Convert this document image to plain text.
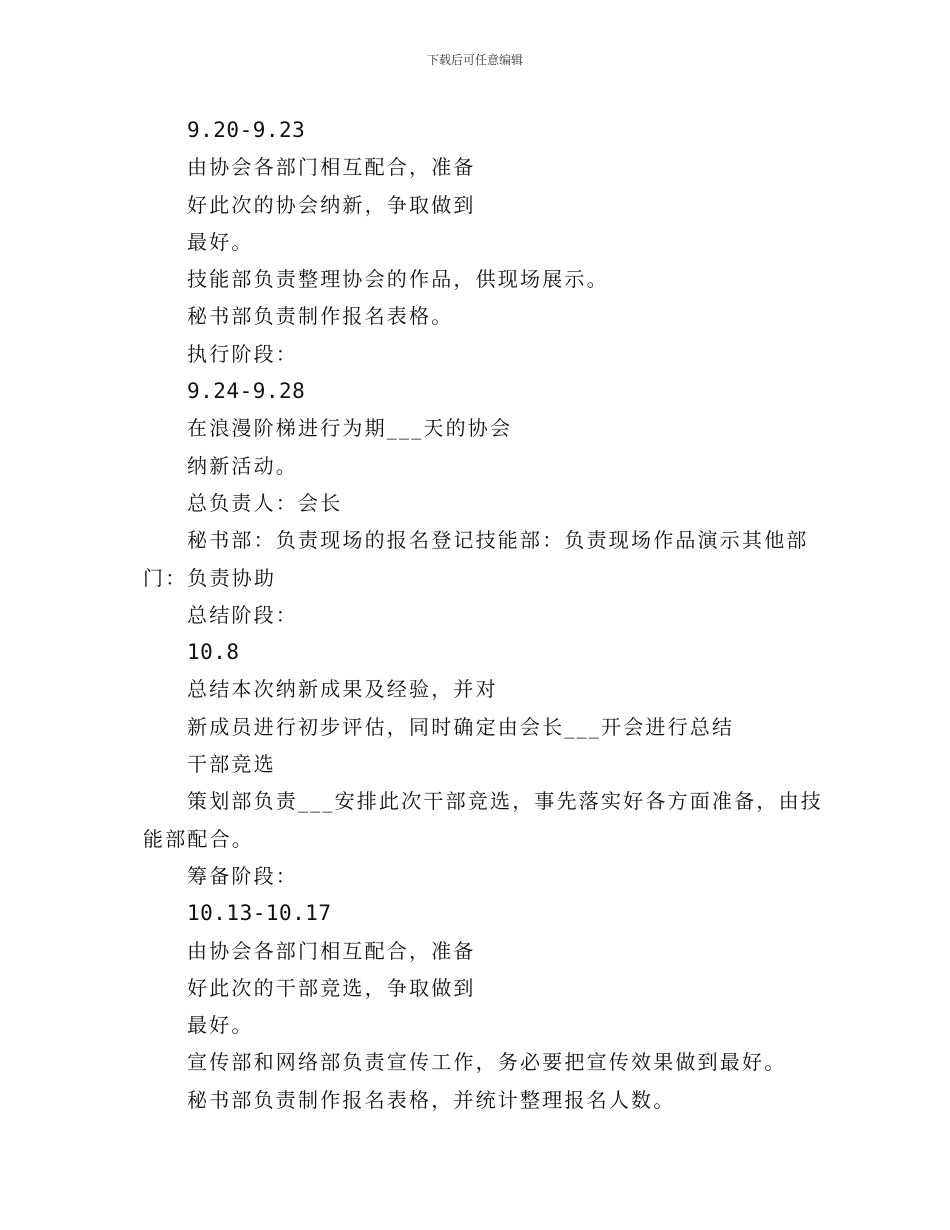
下载后可任意编辑

9.20-9.23

由协会各部门相互配合，准备

好此次的协会纳新，争取做到

最好。

技能部负责整理协会的作品，供现场展示。

秘书部负责制作报名表格。

执行阶段：

9.24-9.28

在浪漫阶梯进行为期___天的协会

纳新活动。

总负责人：会长

秘书部：负责现场的报名登记技能部：负责现场作品演示其他部门：负责协助

总结阶段：

10.8

总结本次纳新成果及经验，并对

新成员进行初步评估，同时确定由会长___开会进行总结

干部竞选

策划部负责___安排此次干部竞选，事先落实好各方面准备，由技能部配合。

筹备阶段：

10.13-10.17

由协会各部门相互配合，准备

好此次的干部竞选，争取做到

最好。

宣传部和网络部负责宣传工作，务必要把宣传效果做到最好。

秘书部负责制作报名表格，并统计整理报名人数。
